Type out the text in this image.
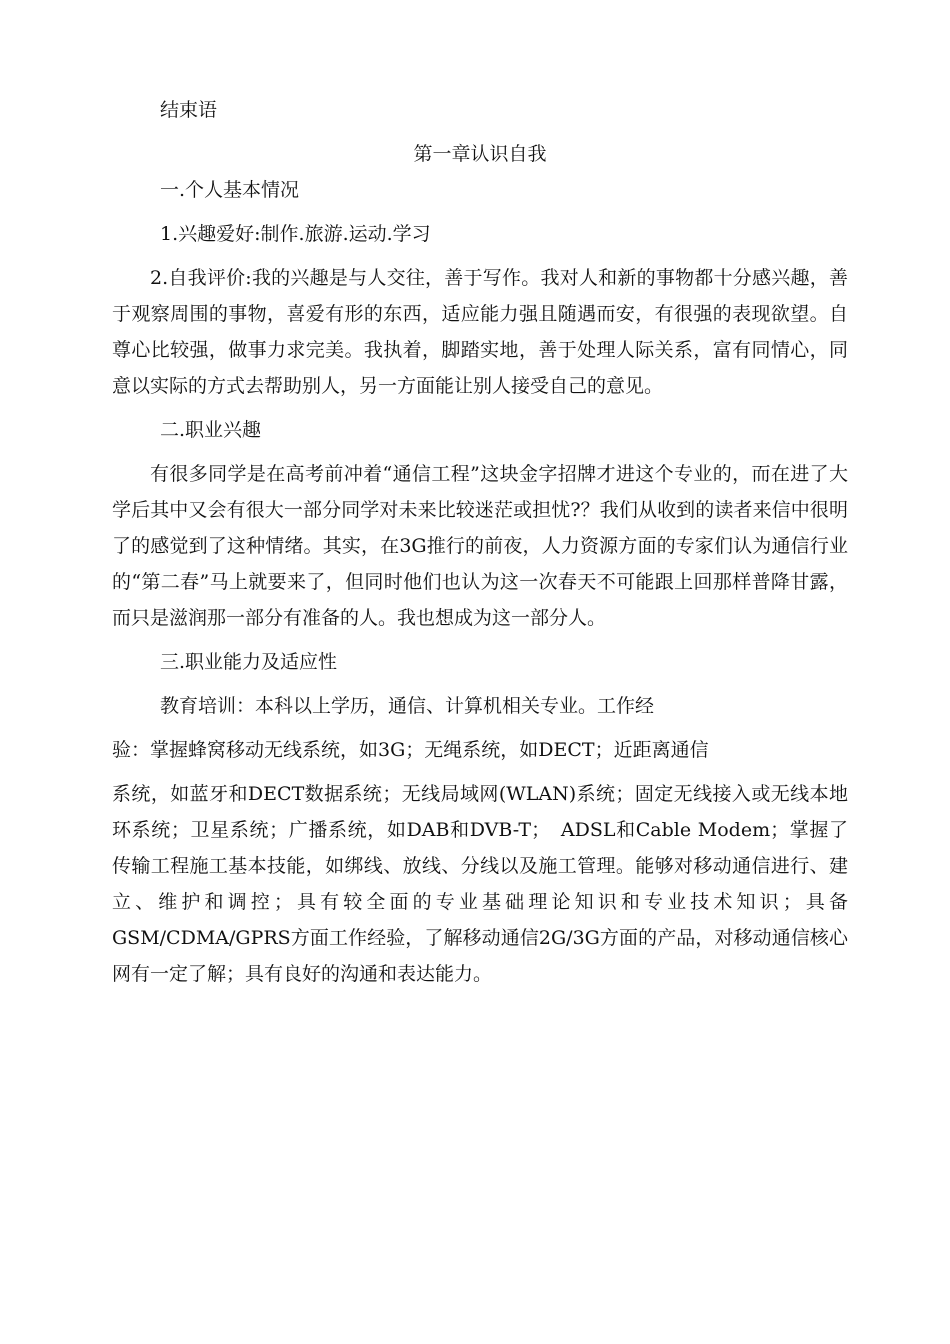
结束语

第一章认识自我

一.个人基本情况

1.兴趣爱好:制作.旅游.运动.学习

2.自我评价:我的兴趣是与人交往，善于写作。我对人和新的事物都十分感兴趣，善于观察周围的事物，喜爱有形的东西，适应能力强且随遇而安，有很强的表现欲望。自尊心比较强，做事力求完美。我执着，脚踏实地，善于处理人际关系，富有同情心，同意以实际的方式去帮助别人，另一方面能让别人接受自己的意见。

二.职业兴趣

有很多同学是在高考前冲着“通信工程”这块金字招牌才进这个专业的，而在进了大学后其中又会有很大一部分同学对未来比较迷茫或担忧?？我们从收到的读者来信中很明了的感觉到了这种情绪。其实，在3G推行的前夜，人力资源方面的专家们认为通信行业的“第二春”马上就要来了，但同时他们也认为这一次春天不可能跟上回那样普降甘露，而只是滋润那一部分有准备的人。我也想成为这一部分人。

三.职业能力及适应性

教育培训：本科以上学历，通信、计算机相关专业。工作经

验：掌握蜂窝移动无线系统，如3G；无绳系统，如DECT；近距离通信

系统，如蓝牙和DECT数据系统；无线局域网(WLAN)系统；固定无线接入或无线本地环系统；卫星系统；广播系统，如DAB和DVB-T；　ADSL和Cable Modem；掌握了传输工程施工基本技能，如绑线、放线、分线以及施工管理。能够对移动通信进行、建立、维护和调控；具有较全面的专业基础理论知识和专业技术知识；具备GSM/CDMA/GPRS方面工作经验，了解移动通信2G/3G方面的产品，对移动通信核心网有一定了解；具有良好的沟通和表达能力。
